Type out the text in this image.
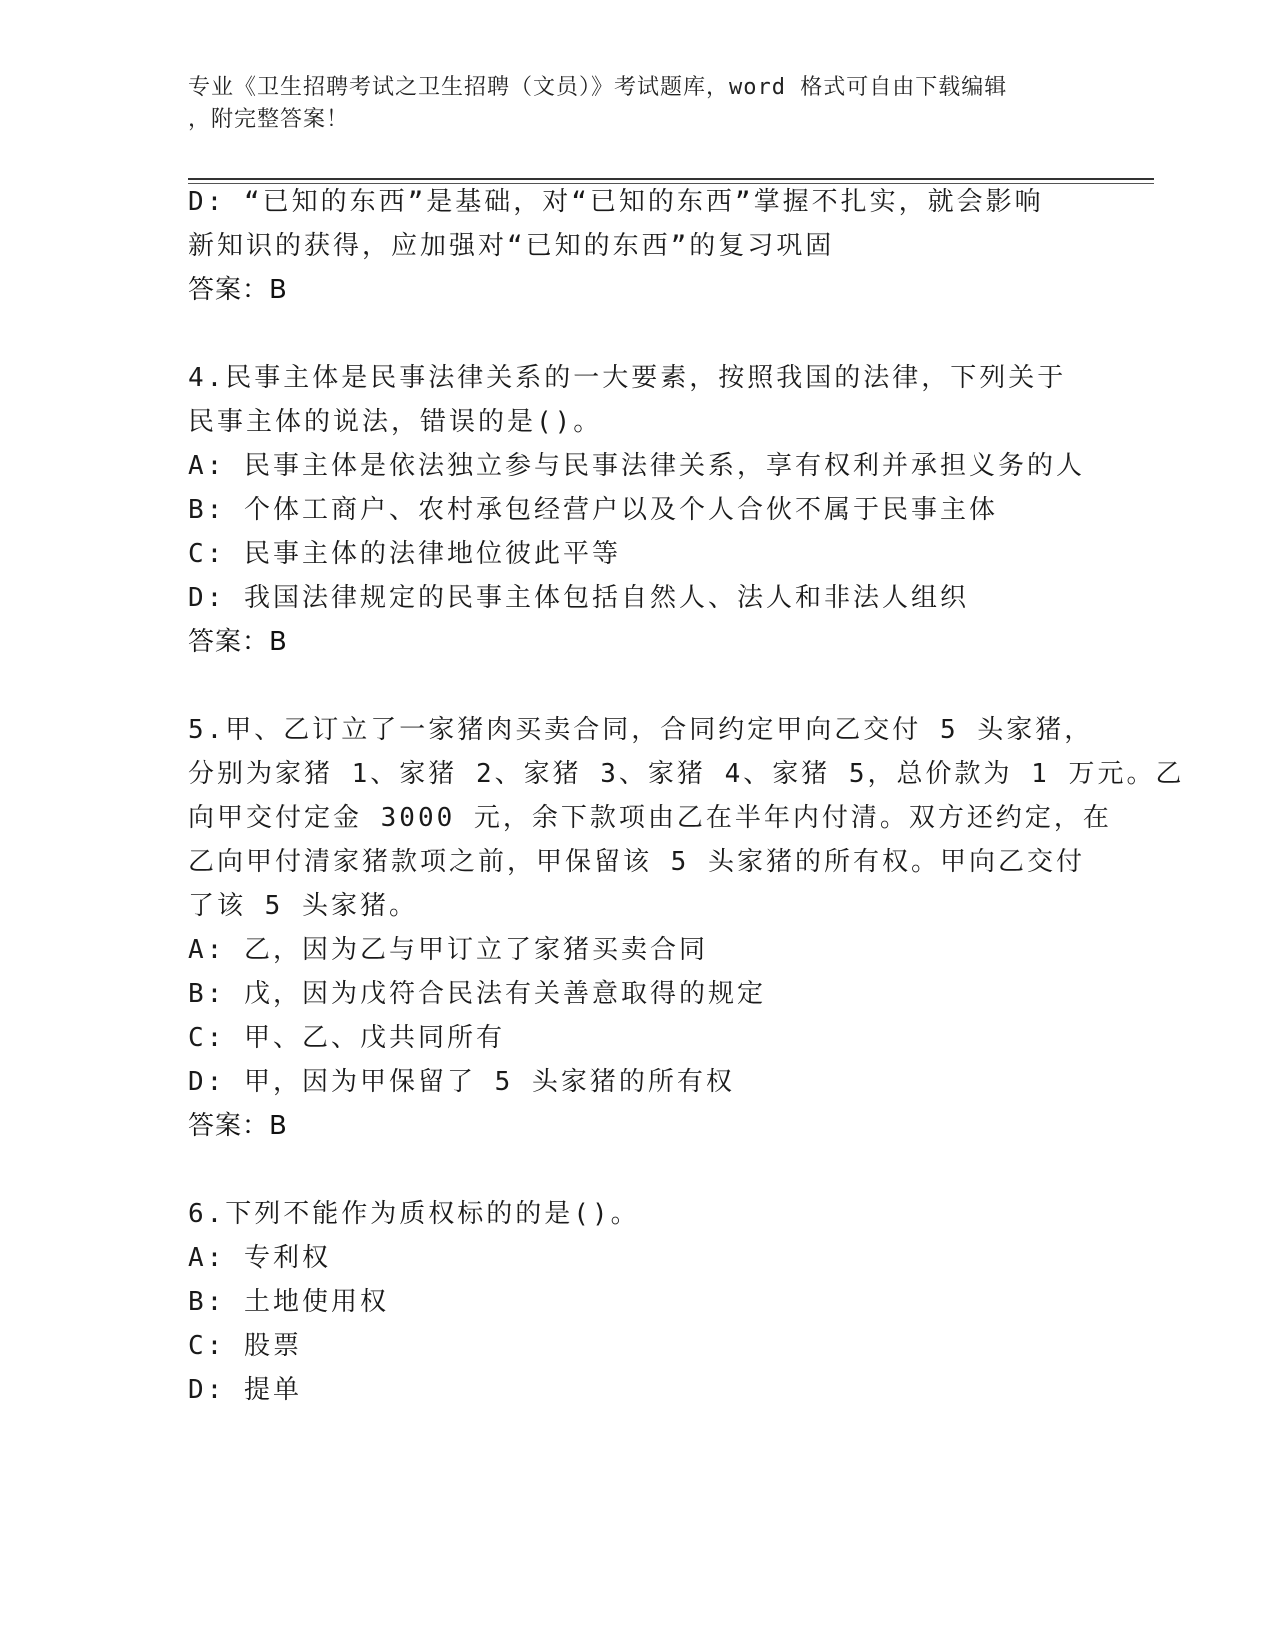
专业《卫生招聘考试之卫生招聘（文员）》考试题库，word 格式可自由下载编辑
，附完整答案！
D: “已知的东西”是基础，对“已知的东西”掌握不扎实，就会影响
新知识的获得，应加强对“已知的东西”的复习巩固
答案：B
4.民事主体是民事法律关系的一大要素，按照我国的法律，下列关于
民事主体的说法，错误的是()。
A: 民事主体是依法独立参与民事法律关系，享有权利并承担义务的人
B: 个体工商户、农村承包经营户以及个人合伙不属于民事主体
C: 民事主体的法律地位彼此平等
D: 我国法律规定的民事主体包括自然人、法人和非法人组织
答案：B
5.甲、乙订立了一家猪肉买卖合同，合同约定甲向乙交付 5 头家猪，
分别为家猪 1、家猪 2、家猪 3、家猪 4、家猪 5，总价款为 1 万元。乙
向甲交付定金 3000 元，余下款项由乙在半年内付清。双方还约定，在
乙向甲付清家猪款项之前，甲保留该 5 头家猪的所有权。甲向乙交付
了该 5 头家猪。
A: 乙，因为乙与甲订立了家猪买卖合同
B: 戊，因为戊符合民法有关善意取得的规定
C: 甲、乙、戊共同所有
D: 甲，因为甲保留了 5 头家猪的所有权
答案：B
6.下列不能作为质权标的的是()。
A: 专利权
B: 土地使用权
C: 股票
D: 提单
